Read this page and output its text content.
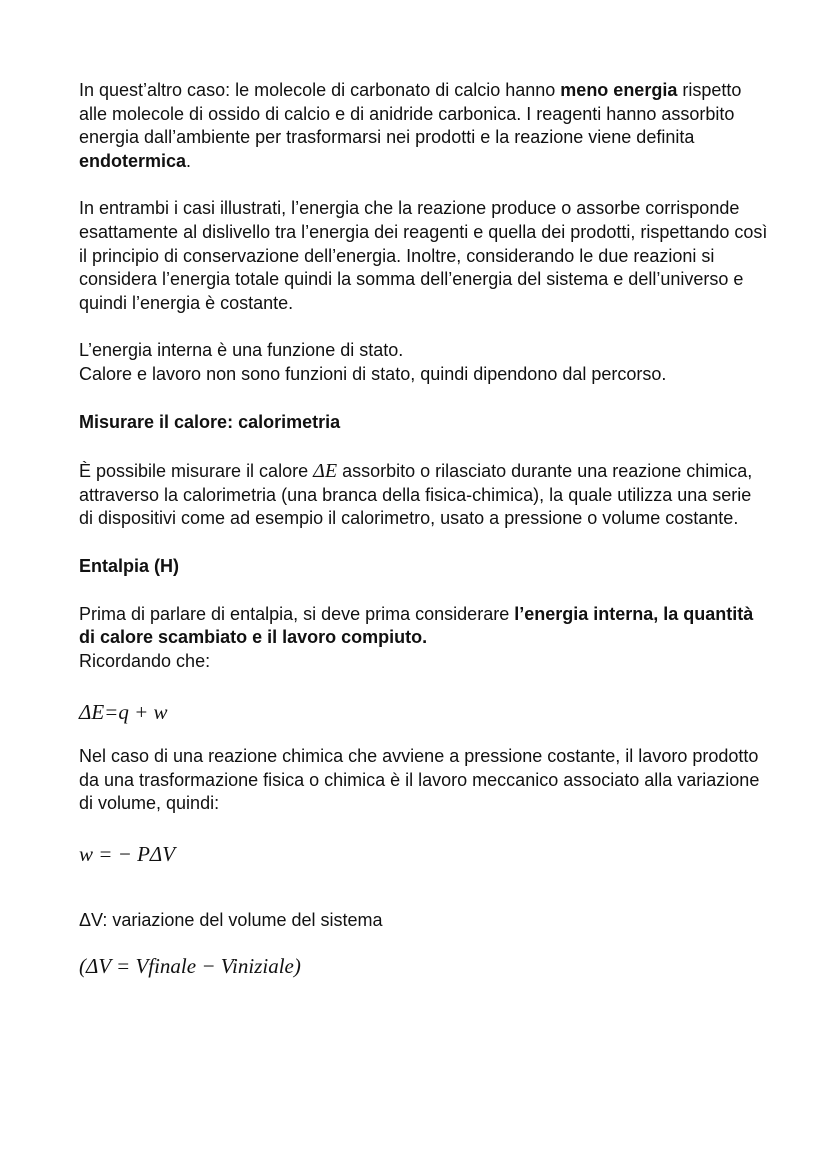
In quest’altro caso: le molecole di carbonato di calcio hanno meno energia rispetto alle molecole di ossido di calcio e di anidride carbonica. I reagenti hanno assorbito energia dall’ambiente per trasformarsi nei prodotti e la reazione viene definita endotermica.

In entrambi i casi illustrati, l’energia che la reazione produce o assorbe corrisponde esattamente al dislivello tra l’energia dei reagenti e quella dei prodotti, rispettando così il principio di conservazione dell’energia. Inoltre, considerando le due reazioni si considera l’energia totale quindi la somma dell’energia del sistema e dell’universo e quindi l’energia è costante.

L’energia interna è una funzione di stato.
Calore e lavoro non sono funzioni di stato, quindi dipendono dal percorso.

Misurare il calore: calorimetria

È possibile misurare il calore ΔE assorbito o rilasciato durante una reazione chimica, attraverso la calorimetria (una branca della fisica-chimica), la quale utilizza una serie di dispositivi come ad esempio il calorimetro, usato a pressione o volume costante.

Entalpia (H)

Prima di parlare di entalpia, si deve prima considerare l’energia interna, la quantità di calore scambiato e il lavoro compiuto.
Ricordando che:

ΔE=q + w

Nel caso di una reazione chimica che avviene a pressione costante, il lavoro prodotto da una trasformazione fisica o chimica è il lavoro meccanico associato alla variazione di volume, quindi:

w = − PΔV

ΔV: variazione del volume del sistema

(ΔV = Vfinale − Viniziale)
